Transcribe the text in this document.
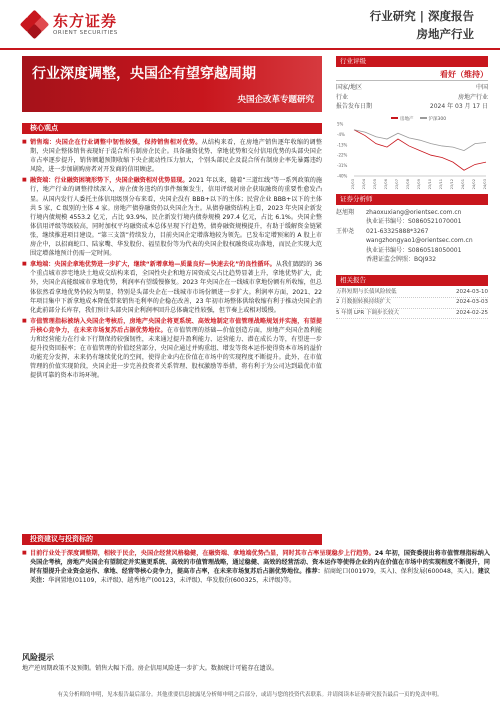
东方证券
ORIENT SECURITIES
行业研究 | 深度报告
房地产行业
行业深度调整，央国企有望穿越周期
央国企改革专题研究
行业评级
看好（维持）
国家/地区	中国
行业	房地产行业
报告发布日期	2024 年 03 月 17 日
房地产	沪深300
5%
-4%
-13%
-22%
-31%
-40%
23/03 23/04 23/05 23/06 23/07 23/08 23/09 23/10 23/11 23/12 24/01 24/02 24/03
证券分析师
赵旭翔	zhaoxuxiang@orientsec.com.cn
执业证书编号：S0860521070001
王仲尧	021-63325888*3267
wangzhongyao1@orientsec.com.cn
执业证书编号：S0860518050001
香港证监会牌照：BQJ932
相关报告
万科短期与长债风险较低	2024-03-10
2 月数据转换持续扩大	2024-03-03
5 年期 LPR 下调步长较大	2024-02-25
核心观点

■ 销售端：央国企在行业调整中韧性较强，保持销售相对优势。从结构来看，在房地产销售逐年收缩的调整期，央国企整体销售表现好于混合所有制房企民企。具备融资优势、拿地优势和交付信用优势的头部央国企市占率逐步提升，销售额超预期收缩下央企流动性压力加大，个别头部民企及混合所有制房企率先暴露违约风险，进一步加剧购房者对开发商的信用顾虑。

■ 融资端：行业融资困境形势下，央国企融资相对优势显现。2021 年以来，随着“三道红线”等一系列政策的施行，地产行业的调整持续深入，房企债务违约的事件频频发生，信用评级对房企获取融资的重要性愈发凸显。从国内发行人委托主体信用级别分布来看，央国企没有 BBB+以下的主体；民营企业 BBB+以下的主体共 5 家，C 级别的主体 4 家。房地产债券融资仍以央国企为主。从债券融资结构上看，2023 年央国企新发行境内债规模 4553.2 亿元，占比 93.9%，民企新发行境内债券规模 297.4 亿元，占比 6.1%。央国企整体信用评级等级较高，同时加权平均融资成本总体呈现下行趋势，债券融资规模提升，有助于缓解资金链紧张，继续推进项目建设。“第三支箭”持续发力，目前央国企定增落地较为领先。已发布定增预案的 A 股上市房企中，以招商蛇口、陆家嘴、华发股份、福星股份等为代表的央国企股权融资成功落地，而民企实现大范围定增落地预计仍需一定时间。

■ 拿地端：央国企拿地优势进一步扩大，继续“新增拿地—质量良好—快速去化”的良性循环。从我们跟踪的 36 个重点城市涉宅地块土地成交结构来看，全国性央企和地方国资成交占比趋势显著上升，拿地优势扩大，此外，央国企高能级城市拿地优势，利润率有望缓慢修复。2023 年央国企在一线城市拿地份额有所收缩，但总体依然看拿地优势仍较为明显，特别是头部央企在一线城市市场份额进一步扩大。利润率方面，2021、22 年项目集中下新拿地成本降低带来销售毛利率的企稳在改善，23 年初市场整体供给收缩有利于推动央国企消化此前部分长库存，我们预计头部央国企利润率回升总体确定性较强，但节奏上或相对缓慢。

■ 市值管理指标被纳入央国企考核后，房地产央国企将更系统、高效地制定市值管理战略规划并实施，有望提升核心竞争力，在未来市场复苏后占据优势地位。在市值管理的基础—价值创造方面，房地产央国企盈利能力和经营能力在行业下行期保持较强韧性，未来通过提升盈利能力、运营能力、潜在成长力等，有望进一步提升投资回报率；在市值管理的价值经营部分，央国企通过并购重组、增发等资本运作使得资本市场的溢价功能充分发挥，未来仍有继续优化的空间，使得企业内在价值在市场中的实现程度不断提升。此外，在市值管理的价值实现阶段，央国企进一步完善投资者关系管理、股权激励等举措，将有利于为公司达到最优市值提供可靠的资本市场环境。

投资建议与投资标的

■ 目前行业处于深度调整期，相较于民企，央国企经营风格稳健，在融资端、拿地端优势凸显，同时其市占率呈现稳步上行趋势。24 年初，国资委提出将市值管理指标纳入央国企考核，房地产央国企有望制定并实施更系统、高效的市值管理战略，通过稳健、高效的经营活动、资本运作等使得企业的内在价值在市场中的实现程度不断提升，同时有望提升企业资金运作、拿地、经营等核心竞争力，提高市占率，在未来市场复苏后占据优势地位。推荐：招商蛇口(001979，买入)、保利发展(600048，买入)。建议关注：华润置地(01109，未评级)、越秀地产(00123，未评级)、华发股份(600325，未评级)等。

风险提示

地产逆周期政策不及预期。销售大幅下滑。房企信用风险进一步扩大。数据统计可能存在遗误。

有关分析师的申明，见本报告最后部分。其他重要信息披露见分析师申明之后部分，或请与您的投资代表联系。并请阅读本证券研究报告最后一页的免责申明。
